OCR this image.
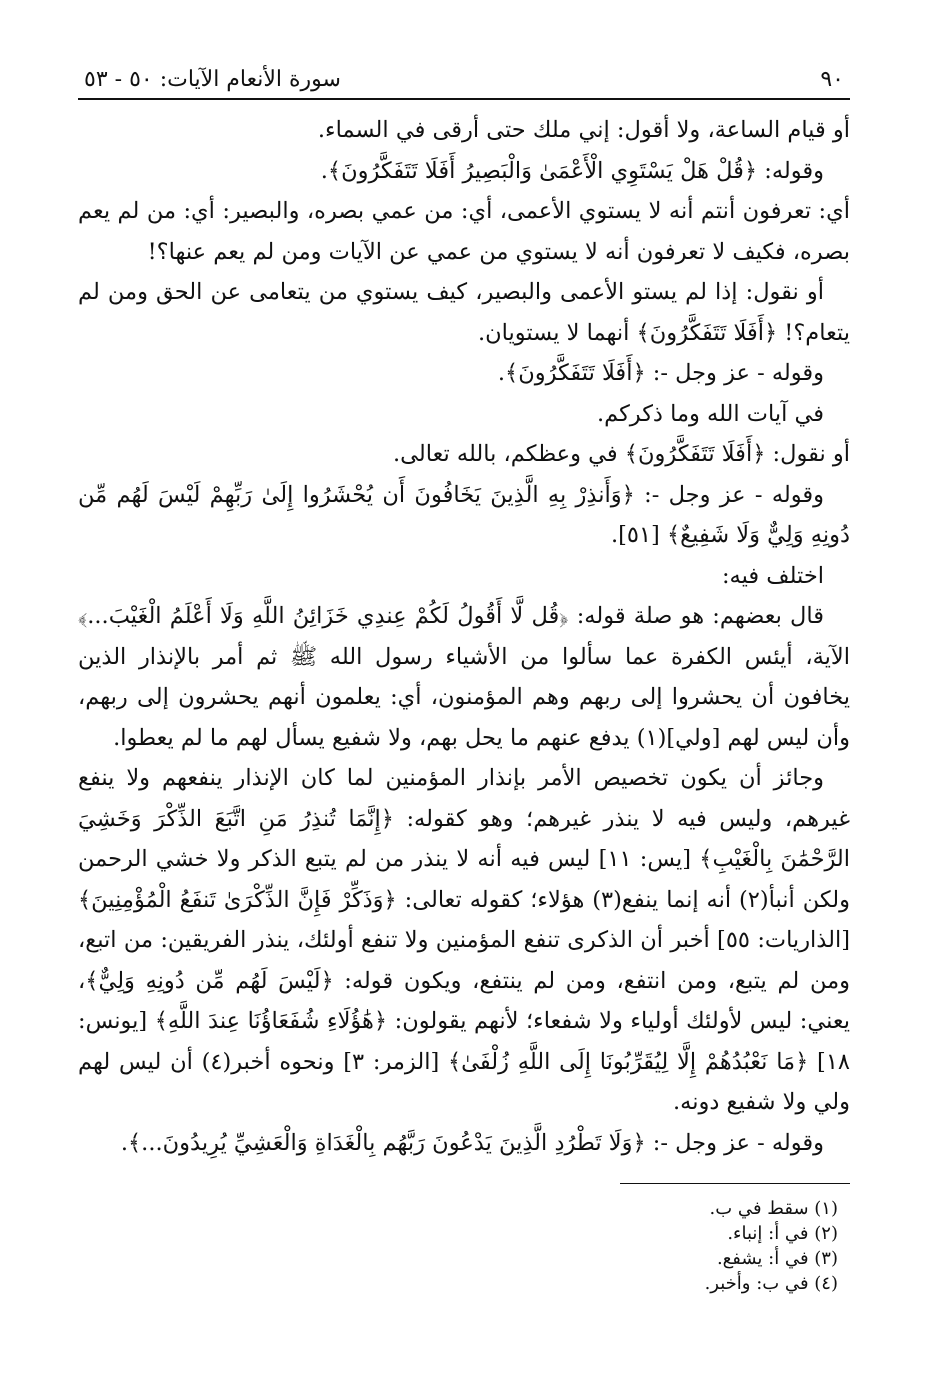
٩٠
سورة الأنعام الآيات: ٥٠ - ٥٣

أو قيام الساعة، ولا أقول: إني ملك حتى أرقى في السماء.

وقوله: ﴿قُلْ هَلْ يَسْتَوِي الْأَعْمَىٰ وَالْبَصِيرُ أَفَلَا تَتَفَكَّرُونَ﴾.

أي: تعرفون أنتم أنه لا يستوي الأعمى، أي: من عمي بصره، والبصير: أي: من لم يعم بصره، فكيف لا تعرفون أنه لا يستوي من عمي عن الآيات ومن لم يعم عنها؟!

أو نقول: إذا لم يستو الأعمى والبصير، كيف يستوي من يتعامى عن الحق ومن لم يتعام؟! ﴿أَفَلَا تَتَفَكَّرُونَ﴾ أنهما لا يستويان.

وقوله - عز وجل -: ﴿أَفَلَا تَتَفَكَّرُونَ﴾.

في آيات الله وما ذكركم.

أو نقول: ﴿أَفَلَا تَتَفَكَّرُونَ﴾ في وعظكم، بالله تعالى.

وقوله - عز وجل -: ﴿وَأَنذِرْ بِهِ الَّذِينَ يَخَافُونَ أَن يُحْشَرُوا إِلَىٰ رَبِّهِمْ لَيْسَ لَهُم مِّن دُونِهِ وَلِيٌّ وَلَا شَفِيعٌ﴾ [٥١].

اختلف فيه:

قال بعضهم: هو صلة قوله: ﴿قُل لَّا أَقُولُ لَكُمْ عِندِي خَزَائِنُ اللَّهِ وَلَا أَعْلَمُ الْغَيْبَ...﴾ الآية، أيئس الكفرة عما سألوا من الأشياء رسول الله ﷺ ثم أمر بالإنذار الذين يخافون أن يحشروا إلى ربهم وهم المؤمنون، أي: يعلمون أنهم يحشرون إلى ربهم، وأن ليس لهم [ولي](١) يدفع عنهم ما يحل بهم، ولا شفيع يسأل لهم ما لم يعطوا.

وجائز أن يكون تخصيص الأمر بإنذار المؤمنين لما كان الإنذار ينفعهم ولا ينفع غيرهم، وليس فيه لا ينذر غيرهم؛ وهو كقوله: ﴿إِنَّمَا تُنذِرُ مَنِ اتَّبَعَ الذِّكْرَ وَخَشِيَ الرَّحْمَٰنَ بِالْغَيْبِ﴾ [يس: ١١] ليس فيه أنه لا ينذر من لم يتبع الذكر ولا خشي الرحمن ولكن أنبأ(٢) أنه إنما ينفع(٣) هؤلاء؛ كقوله تعالى: ﴿وَذَكِّرْ فَإِنَّ الذِّكْرَىٰ تَنفَعُ الْمُؤْمِنِينَ﴾ [الذاريات: ٥٥] أخبر أن الذكرى تنفع المؤمنين ولا تنفع أولئك، ينذر الفريقين: من اتبع، ومن لم يتبع، ومن انتفع، ومن لم ينتفع، ويكون قوله: ﴿لَيْسَ لَهُم مِّن دُونِهِ وَلِيٌّ﴾، يعني: ليس لأولئك أولياء ولا شفعاء؛ لأنهم يقولون: ﴿هَٰؤُلَاءِ شُفَعَاؤُنَا عِندَ اللَّهِ﴾ [يونس: ١٨] ﴿مَا نَعْبُدُهُمْ إِلَّا لِيُقَرِّبُونَا إِلَى اللَّهِ زُلْفَىٰ﴾ [الزمر: ٣] ونحوه أخبر(٤) أن ليس لهم ولي ولا شفيع دونه.

وقوله - عز وجل -: ﴿وَلَا تَطْرُدِ الَّذِينَ يَدْعُونَ رَبَّهُم بِالْغَدَاةِ وَالْعَشِيِّ يُرِيدُونَ...﴾.

(١) سقط في ب.
(٢) في أ: إنباء.
(٣) في أ: يشفع.
(٤) في ب: وأخبر.
